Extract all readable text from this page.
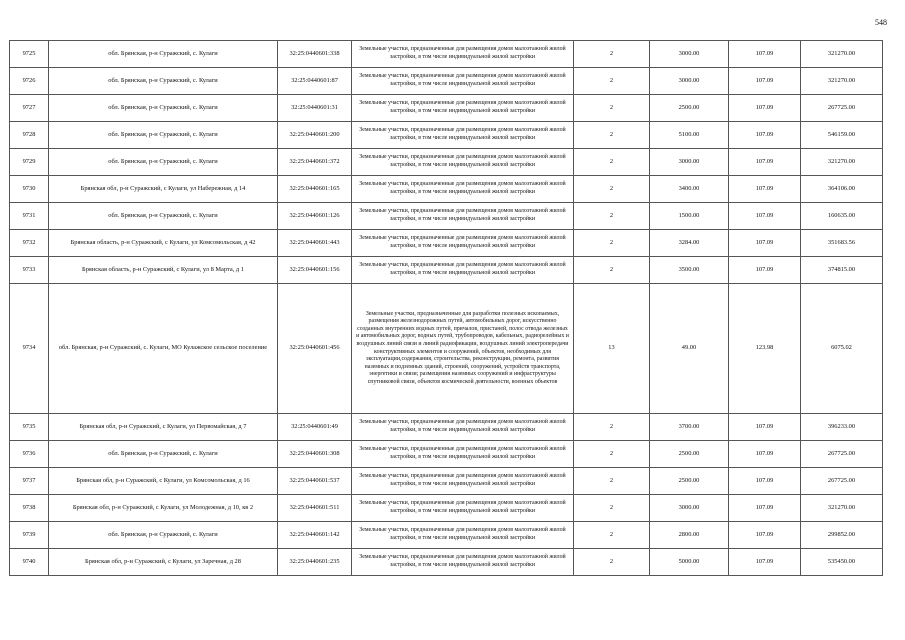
548
9725	обл. Брянская, р-н Суражский, с. Кулаги	32:25:0440601:338	Земельные участки, предназначенные для размещения домов малоэтажной жилой застройки, в том числе индивидуальной жилой застройки	2	3000.00	107.09	321270.00
9726	обл. Брянская, р-н Суражский, с. Кулаги	32:25:0440601:87	Земельные участки, предназначенные для размещения домов малоэтажной жилой застройки, в том числе индивидуальной жилой застройки	2	3000.00	107.09	321270.00
9727	обл. Брянская, р-н Суражский, с. Кулаги	32:25:0440601:31	Земельные участки, предназначенные для размещения домов малоэтажной жилой застройки, в том числе индивидуальной жилой застройки	2	2500.00	107.09	267725.00
9728	обл. Брянская, р-н Суражский, с. Кулаги	32:25:0440601:200	Земельные участки, предназначенные для размещения домов малоэтажной жилой застройки, в том числе индивидуальной жилой застройки	2	5100.00	107.09	546159.00
9729	обл. Брянская, р-н Суражский, с. Кулаги	32:25:0440601:372	Земельные участки, предназначенные для размещения домов малоэтажной жилой застройки, в том числе индивидуальной жилой застройки	2	3000.00	107.09	321270.00
9730	Брянская обл, р-н Суражский, с Кулаги, ул Набережная, д 14	32:25:0440601:165	Земельные участки, предназначенные для размещения домов малоэтажной жилой застройки, в том числе индивидуальной жилой застройки	2	3400.00	107.09	364106.00
9731	обл. Брянская, р-н Суражский, с. Кулаги	32:25:0440601:126	Земельные участки, предназначенные для размещения домов малоэтажной жилой застройки, в том числе индивидуальной жилой застройки	2	1500.00	107.09	160635.00
9732	Брянская область, р-н Суражский, с Кулаги, ул Комсомольская, д 42	32:25:0440601:443	Земельные участки, предназначенные для размещения домов малоэтажной жилой застройки, в том числе индивидуальной жилой застройки	2	3284.00	107.09	351683.56
9733	Брянская область, р-н Суражский, с Кулаги, ул 8 Марта, д 1	32:25:0440601:156	Земельные участки, предназначенные для размещения домов малоэтажной жилой застройки, в том числе индивидуальной жилой застройки	2	3500.00	107.09	374815.00
9734	обл. Брянская, р-н Суражский, с. Кулаги, МО Кулажское сельское поселение	32:25:0440601:456	Земельные участки, предназначенные для разработки полезных ископаемых, размещения железнодорожных путей, автомобильных дорог, искусственно созданных внутренних водных путей, причалов, пристаней, полос отвода железных и автомобильных дорог, водных путей, трубопроводов, кабельных, радиорелейных и воздушных линий связи и линий радиофикации, воздушных линий электропередачи конструктивных элементов и сооружений, объектов, необходимых для эксплуатации,содержания, строительства, реконструкции, ремонта, развития наземных и подземных зданий, строений, сооружений, устройств транспорта, энергетики и связи; размещения наземных сооружений и инфраструктуры спутниковой связи, объектов космической деятельности, военных объектов	13	49.00	123.98	6075.02
9735	Брянская обл, р-н Суражский, с Кулаги, ул Первомайская, д 7	32:25:0440601:49	Земельные участки, предназначенные для размещения домов малоэтажной жилой застройки, в том числе индивидуальной жилой застройки	2	3700.00	107.09	396233.00
9736	обл. Брянская, р-н Суражский, с. Кулаги	32:25:0440601:308	Земельные участки, предназначенные для размещения домов малоэтажной жилой застройки, в том числе индивидуальной жилой застройки	2	2500.00	107.09	267725.00
9737	Брянская обл, р-н Суражский, с Кулаги, ул Комсомольская, д 16	32:25:0440601:537	Земельные участки, предназначенные для размещения домов малоэтажной жилой застройки, в том числе индивидуальной жилой застройки	2	2500.00	107.09	267725.00
9738	Брянская обл, р-н Суражский, с Кулаги, ул Молодежная, д 10, кв 2	32:25:0440601:511	Земельные участки, предназначенные для размещения домов малоэтажной жилой застройки, в том числе индивидуальной жилой застройки	2	3000.00	107.09	321270.00
9739	обл. Брянская, р-н Суражский, с. Кулаги	32:25:0440601:142	Земельные участки, предназначенные для размещения домов малоэтажной жилой застройки, в том числе индивидуальной жилой застройки	2	2800.00	107.09	299852.00
9740	Брянская обл, р-н Суражский, с Кулаги, ул Заречная, д 28	32:25:0440601:235	Земельные участки, предназначенные для размещения домов малоэтажной жилой застройки, в том числе индивидуальной жилой застройки	2	5000.00	107.09	535450.00
